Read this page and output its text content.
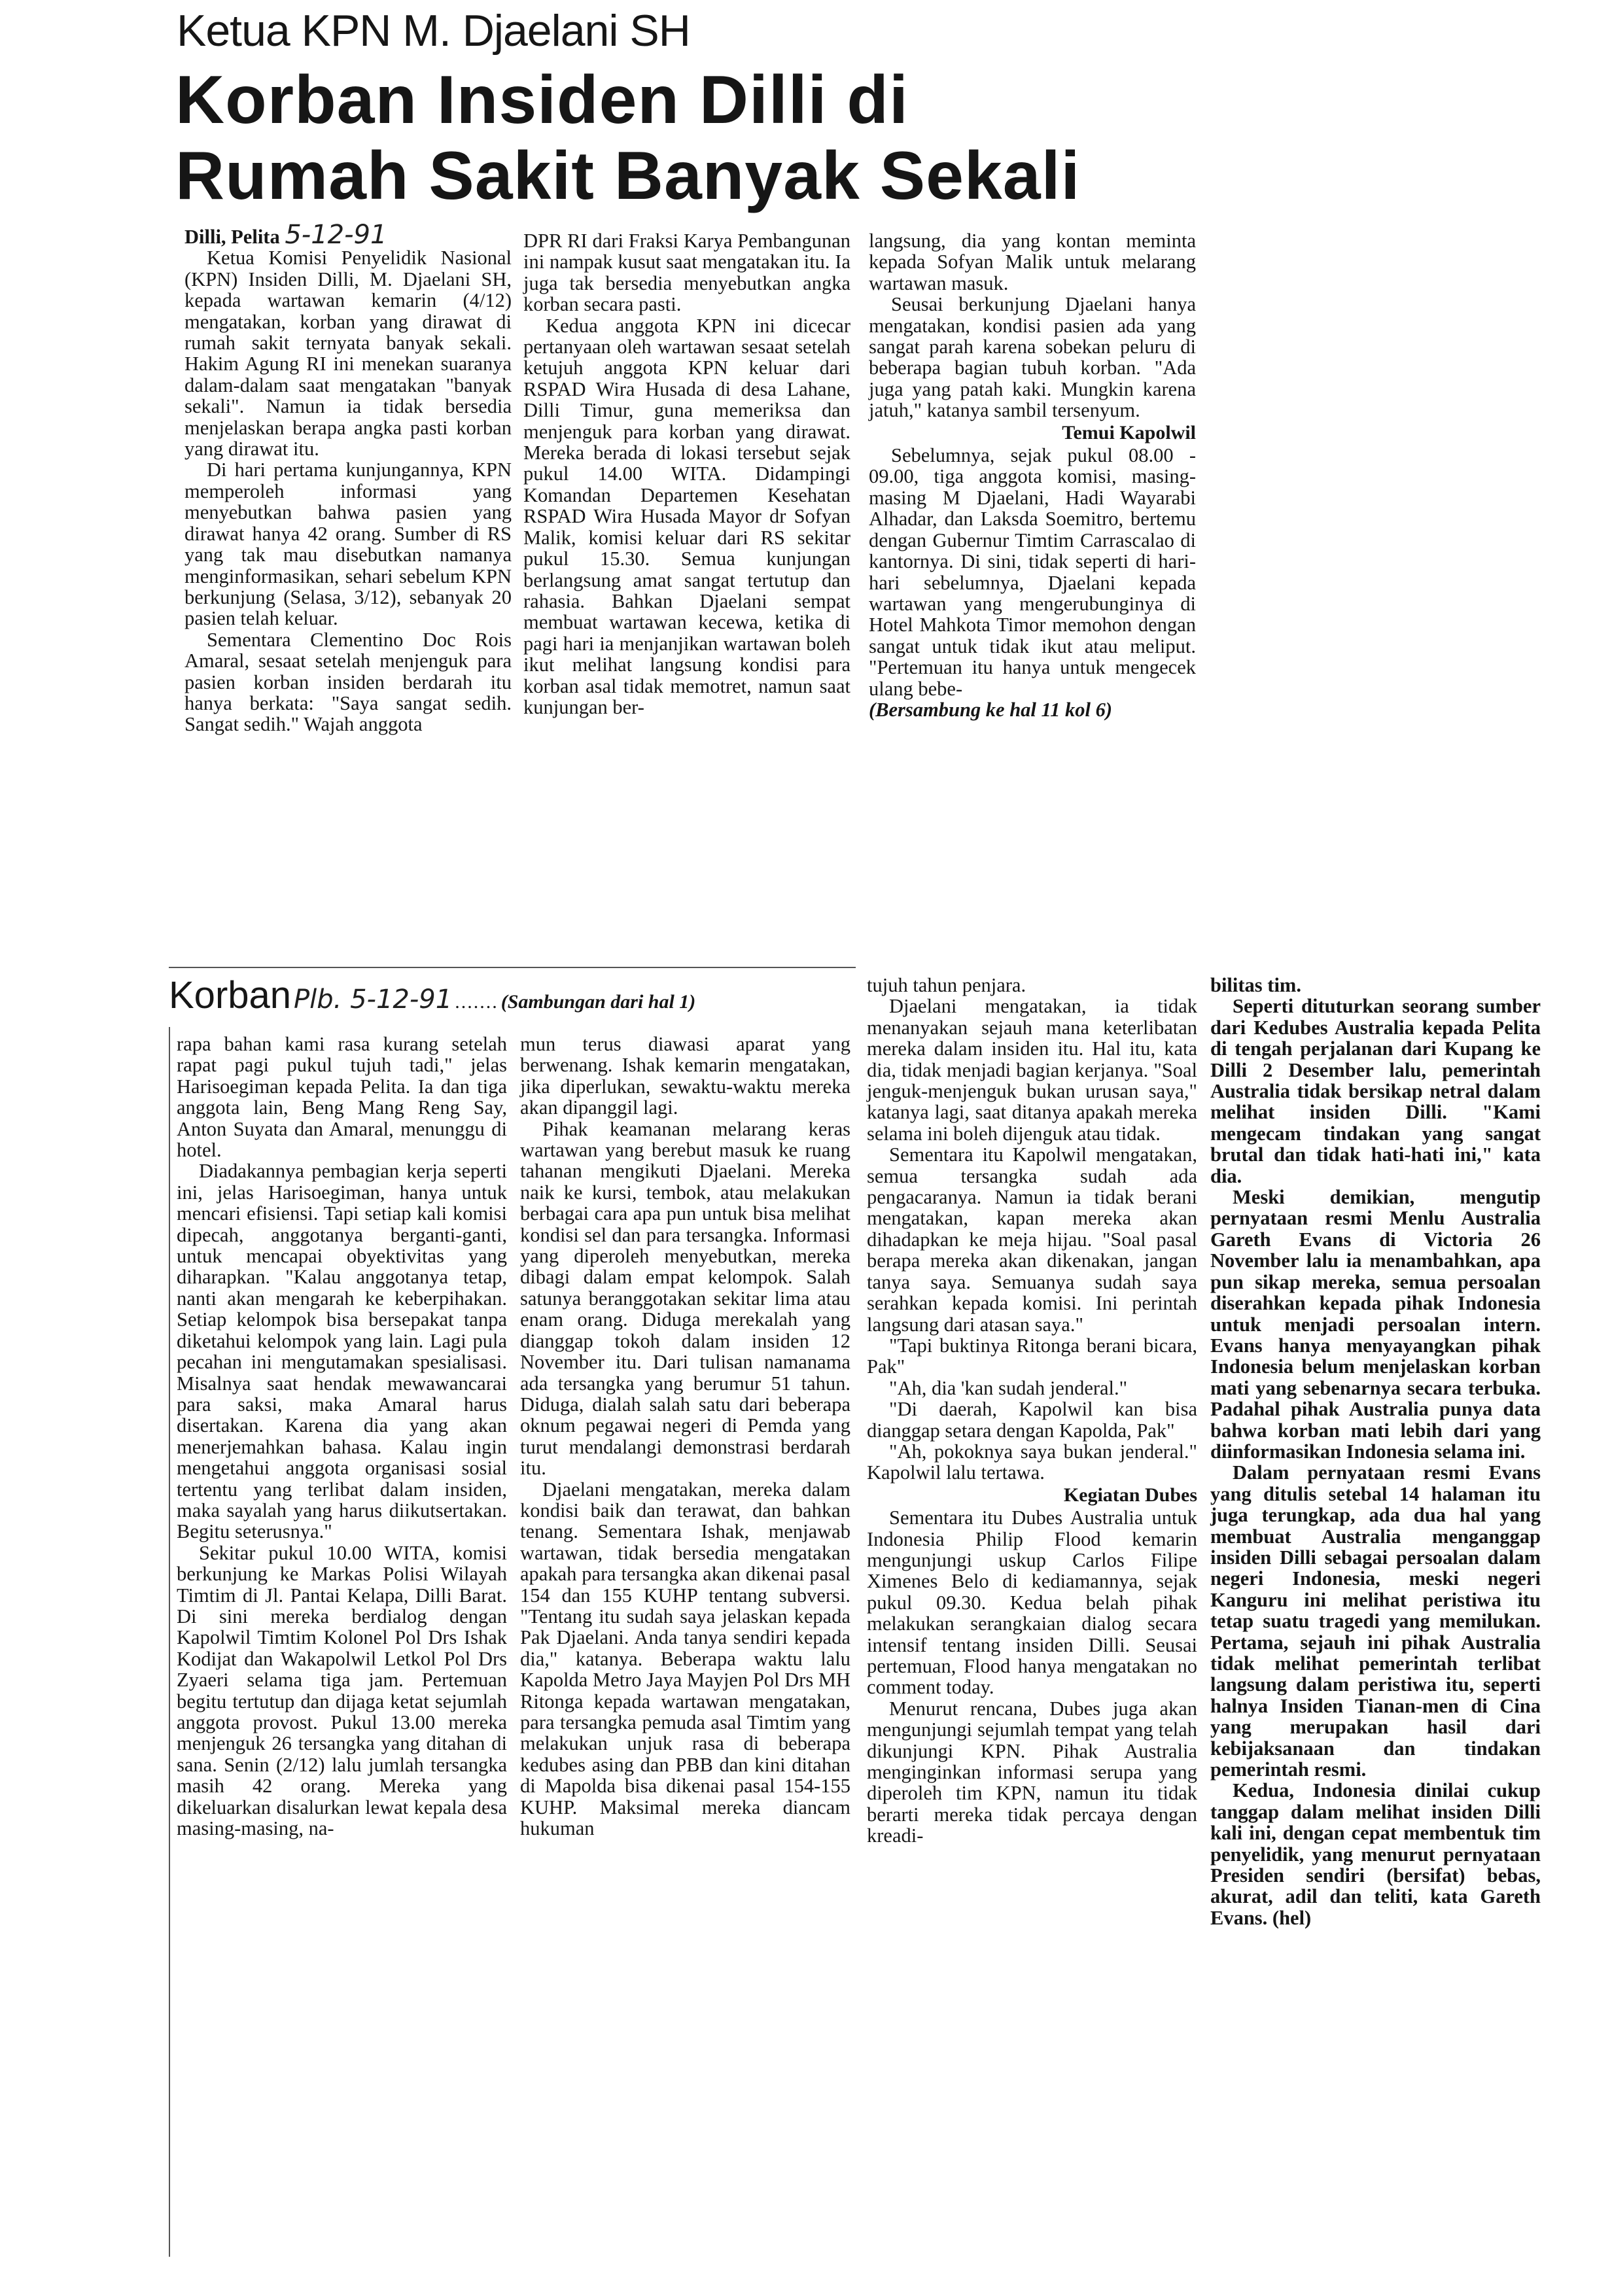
Ketua KPN M. Djaelani SH
Korban Insiden Dilli di
Rumah Sakit Banyak Sekali

Dilli, Pelita 5-12-91

Ketua Komisi Penyelidik Nasional (KPN) Insiden Dilli, M. Djaelani SH, kepada wartawan kemarin (4/12) mengatakan, korban yang dirawat di rumah sakit ternyata banyak sekali. Hakim Agung RI ini menekan suaranya dalam-dalam saat mengatakan "banyak sekali". Namun ia tidak bersedia menjelaskan berapa angka pasti korban yang dirawat itu.

Di hari pertama kunjungannya, KPN memperoleh informasi yang menyebutkan bahwa pasien yang dirawat hanya 42 orang. Sumber di RS yang tak mau disebutkan namanya menginformasikan, sehari sebelum KPN berkunjung (Selasa, 3/12), sebanyak 20 pasien telah keluar.

Sementara Clementino Doc Rois Amaral, sesaat setelah menjenguk para pasien korban insiden berdarah itu hanya berkata: "Saya sangat sedih. Sangat sedih." Wajah anggota

DPR RI dari Fraksi Karya Pembangunan ini nampak kusut saat mengatakan itu. Ia juga tak bersedia menyebutkan angka korban secara pasti.

Kedua anggota KPN ini dicecar pertanyaan oleh wartawan sesaat setelah ketujuh anggota KPN keluar dari RSPAD Wira Husada di desa Lahane, Dilli Timur, guna memeriksa dan menjenguk para korban yang dirawat. Mereka berada di lokasi tersebut sejak pukul 14.00 WITA. Didampingi Komandan Departemen Kesehatan RSPAD Wira Husada Mayor dr Sofyan Malik, komisi keluar dari RS sekitar pukul 15.30. Semua kunjungan berlangsung amat sangat tertutup dan rahasia. Bahkan Djaelani sempat membuat wartawan kecewa, ketika di pagi hari ia menjanjikan wartawan boleh ikut melihat langsung kondisi para korban asal tidak memotret, namun saat kunjungan ber-

langsung, dia yang kontan meminta kepada Sofyan Malik untuk melarang wartawan masuk.

Seusai berkunjung Djaelani hanya mengatakan, kondisi pasien ada yang sangat parah karena sobekan peluru di beberapa bagian tubuh korban. "Ada juga yang patah kaki. Mungkin karena jatuh," katanya sambil tersenyum.

Temui Kapolwil

Sebelumnya, sejak pukul 08.00 - 09.00, tiga anggota komisi, masing-masing M Djaelani, Hadi Wayarabi Alhadar, dan Laksda Soemitro, bertemu dengan Gubernur Timtim Carrascalao di kantornya. Di sini, tidak seperti di hari-hari sebelumnya, Djaelani kepada wartawan yang mengerubunginya di Hotel Mahkota Timor memohon dengan sangat untuk tidak ikut atau meliput. "Pertemuan itu hanya untuk mengecek ulang bebe-

(Bersambung ke hal 11 kol 6)

Korban Plb. 5-12-91 ....... (Sambungan dari hal 1)

rapa bahan kami rasa kurang setelah rapat pagi pukul tujuh tadi," jelas Harisoegiman kepada Pelita. Ia dan tiga anggota lain, Beng Mang Reng Say, Anton Suyata dan Amaral, menunggu di hotel.

Diadakannya pembagian kerja seperti ini, jelas Harisoegiman, hanya untuk mencari efisiensi. Tapi setiap kali komisi dipecah, anggotanya berganti-ganti, untuk mencapai obyektivitas yang diharapkan. "Kalau anggotanya tetap, nanti akan mengarah ke keberpihakan. Setiap kelompok bisa bersepakat tanpa diketahui kelompok yang lain. Lagi pula pecahan ini mengutamakan spesialisasi. Misalnya saat hendak mewawancarai para saksi, maka Amaral harus disertakan. Karena dia yang akan menerjemahkan bahasa. Kalau ingin mengetahui anggota organisasi sosial tertentu yang terlibat dalam insiden, maka sayalah yang harus diikutsertakan. Begitu seterusnya."

Sekitar pukul 10.00 WITA, komisi berkunjung ke Markas Polisi Wilayah Timtim di Jl. Pantai Kelapa, Dilli Barat. Di sini mereka berdialog dengan Kapolwil Timtim Kolonel Pol Drs Ishak Kodijat dan Wakapolwil Letkol Pol Drs Zyaeri selama tiga jam. Pertemuan begitu tertutup dan dijaga ketat sejumlah anggota provost. Pukul 13.00 mereka menjenguk 26 tersangka yang ditahan di sana. Senin (2/12) lalu jumlah tersangka masih 42 orang. Mereka yang dikeluarkan disalurkan lewat kepala desa masing-masing, na-

mun terus diawasi aparat yang berwenang. Ishak kemarin mengatakan, jika diperlukan, sewaktu-waktu mereka akan dipanggil lagi.

Pihak keamanan melarang keras wartawan yang berebut masuk ke ruang tahanan mengikuti Djaelani. Mereka naik ke kursi, tembok, atau melakukan berbagai cara apa pun untuk bisa melihat kondisi sel dan para tersangka. Informasi yang diperoleh menyebutkan, mereka dibagi dalam empat kelompok. Salah satunya beranggotakan sekitar lima atau enam orang. Diduga merekalah yang dianggap tokoh dalam insiden 12 November itu. Dari tulisan namanama ada tersangka yang berumur 51 tahun. Diduga, dialah salah satu dari beberapa oknum pegawai negeri di Pemda yang turut mendalangi demonstrasi berdarah itu.

Djaelani mengatakan, mereka dalam kondisi baik dan terawat, dan bahkan tenang. Sementara Ishak, menjawab wartawan, tidak bersedia mengatakan apakah para tersangka akan dikenai pasal 154 dan 155 KUHP tentang subversi. "Tentang itu sudah saya jelaskan kepada Pak Djaelani. Anda tanya sendiri kepada dia," katanya. Beberapa waktu lalu Kapolda Metro Jaya Mayjen Pol Drs MH Ritonga kepada wartawan mengatakan, para tersangka pemuda asal Timtim yang melakukan unjuk rasa di beberapa kedubes asing dan PBB dan kini ditahan di Mapolda bisa dikenai pasal 154-155 KUHP. Maksimal mereka diancam hukuman

tujuh tahun penjara.

Djaelani mengatakan, ia tidak menanyakan sejauh mana keterlibatan mereka dalam insiden itu. Hal itu, kata dia, tidak menjadi bagian kerjanya. "Soal jenguk-menjenguk bukan urusan saya," katanya lagi, saat ditanya apakah mereka selama ini boleh dijenguk atau tidak.

Sementara itu Kapolwil mengatakan, semua tersangka sudah ada pengacaranya. Namun ia tidak berani mengatakan, kapan mereka akan dihadapkan ke meja hijau. "Soal pasal berapa mereka akan dikenakan, jangan tanya saya. Semuanya sudah saya serahkan kepada komisi. Ini perintah langsung dari atasan saya."

"Tapi buktinya Ritonga berani bicara, Pak"

"Ah, dia 'kan sudah jenderal."

"Di daerah, Kapolwil kan bisa dianggap setara dengan Kapolda, Pak"

"Ah, pokoknya saya bukan jenderal." Kapolwil lalu tertawa.

Kegiatan Dubes

Sementara itu Dubes Australia untuk Indonesia Philip Flood kemarin mengunjungi uskup Carlos Filipe Ximenes Belo di kediamannya, sejak pukul 09.30. Kedua belah pihak melakukan serangkaian dialog secara intensif tentang insiden Dilli. Seusai pertemuan, Flood hanya mengatakan no comment today.

Menurut rencana, Dubes juga akan mengunjungi sejumlah tempat yang telah dikunjungi KPN. Pihak Australia menginginkan informasi serupa yang diperoleh tim KPN, namun itu tidak berarti mereka tidak percaya dengan kreadi-

bilitas tim.

Seperti dituturkan seorang sumber dari Kedubes Australia kepada Pelita di tengah perjalanan dari Kupang ke Dilli 2 Desember lalu, pemerintah Australia tidak bersikap netral dalam melihat insiden Dilli. "Kami mengecam tindakan yang sangat brutal dan tidak hati-hati ini," kata dia.

Meski demikian, mengutip pernyataan resmi Menlu Australia Gareth Evans di Victoria 26 November lalu ia menambahkan, apa pun sikap mereka, semua persoalan diserahkan kepada pihak Indonesia untuk menjadi persoalan intern. Evans hanya menyayangkan pihak Indonesia belum menjelaskan korban mati yang sebenarnya secara terbuka. Padahal pihak Australia punya data bahwa korban mati lebih dari yang diinformasikan Indonesia selama ini.

Dalam pernyataan resmi Evans yang ditulis setebal 14 halaman itu juga terungkap, ada dua hal yang membuat Australia menganggap insiden Dilli sebagai persoalan dalam negeri Indonesia, meski negeri Kanguru ini melihat peristiwa itu tetap suatu tragedi yang memilukan. Pertama, sejauh ini pihak Australia tidak melihat pemerintah terlibat langsung dalam peristiwa itu, seperti halnya Insiden Tianan-men di Cina yang merupakan hasil dari kebijaksanaan dan tindakan pemerintah resmi.

Kedua, Indonesia dinilai cukup tanggap dalam melihat insiden Dilli kali ini, dengan cepat membentuk tim penyelidik, yang menurut pernyataan Presiden sendiri (bersifat) bebas, akurat, adil dan teliti, kata Gareth Evans. (hel)
